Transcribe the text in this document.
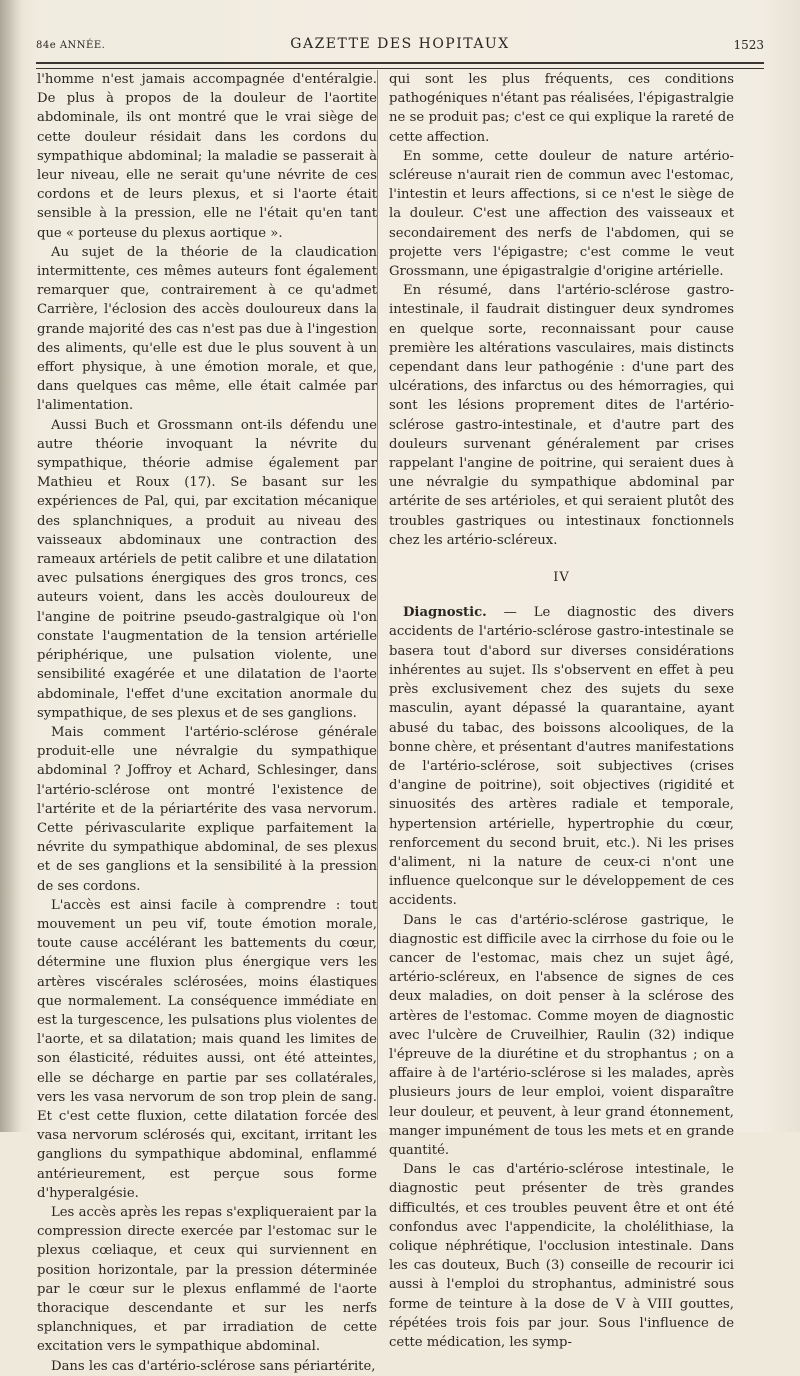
84e ANNÉE.	GAZETTE DES HOPITAUX	1523

l'homme n'est jamais accompagnée d'entéralgie. De plus à propos de la douleur de l'aortite abdominale, ils ont montré que le vrai siège de cette douleur résidait dans les cordons du sympathique abdominal; la maladie se passerait à leur niveau, elle ne serait qu'une névrite de ces cordons et de leurs plexus, et si l'aorte était sensible à la pression, elle ne l'était qu'en tant que « porteuse du plexus aortique ».

Au sujet de la théorie de la claudication intermittente, ces mêmes auteurs font également remarquer que, contrairement à ce qu'admet Carrière, l'éclosion des accès douloureux dans la grande majorité des cas n'est pas due à l'ingestion des aliments, qu'elle est due le plus souvent à un effort physique, à une émotion morale, et que, dans quelques cas même, elle était calmée par l'alimentation.

Aussi Buch et Grossmann ont-ils défendu une autre théorie invoquant la névrite du sympathique, théorie admise également par Mathieu et Roux (17). Se basant sur les expériences de Pal, qui, par excitation mécanique des splanchniques, a produit au niveau des vaisseaux abdominaux une contraction des rameaux artériels de petit calibre et une dilatation avec pulsations énergiques des gros troncs, ces auteurs voient, dans les accès douloureux de l'angine de poitrine pseudo-gastralgique où l'on constate l'augmentation de la tension artérielle périphérique, une pulsation violente, une sensibilité exagérée et une dilatation de l'aorte abdominale, l'effet d'une excitation anormale du sympathique, de ses plexus et de ses ganglions.

Mais comment l'artério-sclérose générale produit-elle une névralgie du sympathique abdominal ? Joffroy et Achard, Schlesinger, dans l'artério-sclérose ont montré l'existence de l'artérite et de la périartérite des vasa nervorum. Cette périvascularite explique parfaitement la névrite du sympathique abdominal, de ses plexus et de ses ganglions et la sensibilité à la pression de ses cordons.

L'accès est ainsi facile à comprendre : tout mouvement un peu vif, toute émotion morale, toute cause accélérant les battements du cœur, détermine une fluxion plus énergique vers les artères viscérales sclérosées, moins élastiques que normalement. La conséquence immédiate en est la turgescence, les pulsations plus violentes de l'aorte, et sa dilatation; mais quand les limites de son élasticité, réduites aussi, ont été atteintes, elle se décharge en partie par ses collatérales, vers les vasa nervorum de son trop plein de sang. Et c'est cette fluxion, cette dilatation forcée des vasa nervorum sclérosés qui, excitant, irritant les ganglions du sympathique abdominal, enflammé antérieurement, est perçue sous forme d'hyperalgésie.

Les accès après les repas s'expliqueraient par la compression directe exercée par l'estomac sur le plexus cœliaque, et ceux qui surviennent en position horizontale, par la pression déterminée par le cœur sur le plexus enflammé de l'aorte thoracique descendante et sur les nerfs splanchniques, et par irradiation de cette excitation vers le sympathique abdominal.

Dans les cas d'artério-sclérose sans périartérite,

qui sont les plus fréquents, ces conditions pathogéniques n'étant pas réalisées, l'épigastralgie ne se produit pas; c'est ce qui explique la rareté de cette affection.

En somme, cette douleur de nature artério-scléreuse n'aurait rien de commun avec l'estomac, l'intestin et leurs affections, si ce n'est le siège de la douleur. C'est une affection des vaisseaux et secondairement des nerfs de l'abdomen, qui se projette vers l'épigastre; c'est comme le veut Grossmann, une épigastralgie d'origine artérielle.

En résumé, dans l'artério-sclérose gastro-intestinale, il faudrait distinguer deux syndromes en quelque sorte, reconnaissant pour cause première les altérations vasculaires, mais distincts cependant dans leur pathogénie : d'une part des ulcérations, des infarctus ou des hémorragies, qui sont les lésions proprement dites de l'artério-sclérose gastro-intestinale, et d'autre part des douleurs survenant généralement par crises rappelant l'angine de poitrine, qui seraient dues à une névralgie du sympathique abdominal par artérite de ses artérioles, et qui seraient plutôt des troubles gastriques ou intestinaux fonctionnels chez les artério-scléreux.

IV

Diagnostic. — Le diagnostic des divers accidents de l'artério-sclérose gastro-intestinale se basera tout d'abord sur diverses considérations inhérentes au sujet. Ils s'observent en effet à peu près exclusivement chez des sujets du sexe masculin, ayant dépassé la quarantaine, ayant abusé du tabac, des boissons alcooliques, de la bonne chère, et présentant d'autres manifestations de l'artério-sclérose, soit subjectives (crises d'angine de poitrine), soit objectives (rigidité et sinuosités des artères radiale et temporale, hypertension artérielle, hypertrophie du cœur, renforcement du second bruit, etc.). Ni les prises d'aliment, ni la nature de ceux-ci n'ont une influence quelconque sur le développement de ces accidents.

Dans le cas d'artério-sclérose gastrique, le diagnostic est difficile avec la cirrhose du foie ou le cancer de l'estomac, mais chez un sujet âgé, artério-scléreux, en l'absence de signes de ces deux maladies, on doit penser à la sclérose des artères de l'estomac. Comme moyen de diagnostic avec l'ulcère de Cruveilhier, Raulin (32) indique l'épreuve de la diurétine et du strophantus ; on a affaire à de l'artério-sclérose si les malades, après plusieurs jours de leur emploi, voient disparaître leur douleur, et peuvent, à leur grand étonnement, manger impunément de tous les mets et en grande quantité.

Dans le cas d'artério-sclérose intestinale, le diagnostic peut présenter de très grandes difficultés, et ces troubles peuvent être et ont été confondus avec l'appendicite, la cholélithiase, la colique néphrétique, l'occlusion intestinale. Dans les cas douteux, Buch (3) conseille de recourir ici aussi à l'emploi du strophantus, administré sous forme de teinture à la dose de V à VIII gouttes, répétées trois fois par jour. Sous l'influence de cette médication, les symp-
